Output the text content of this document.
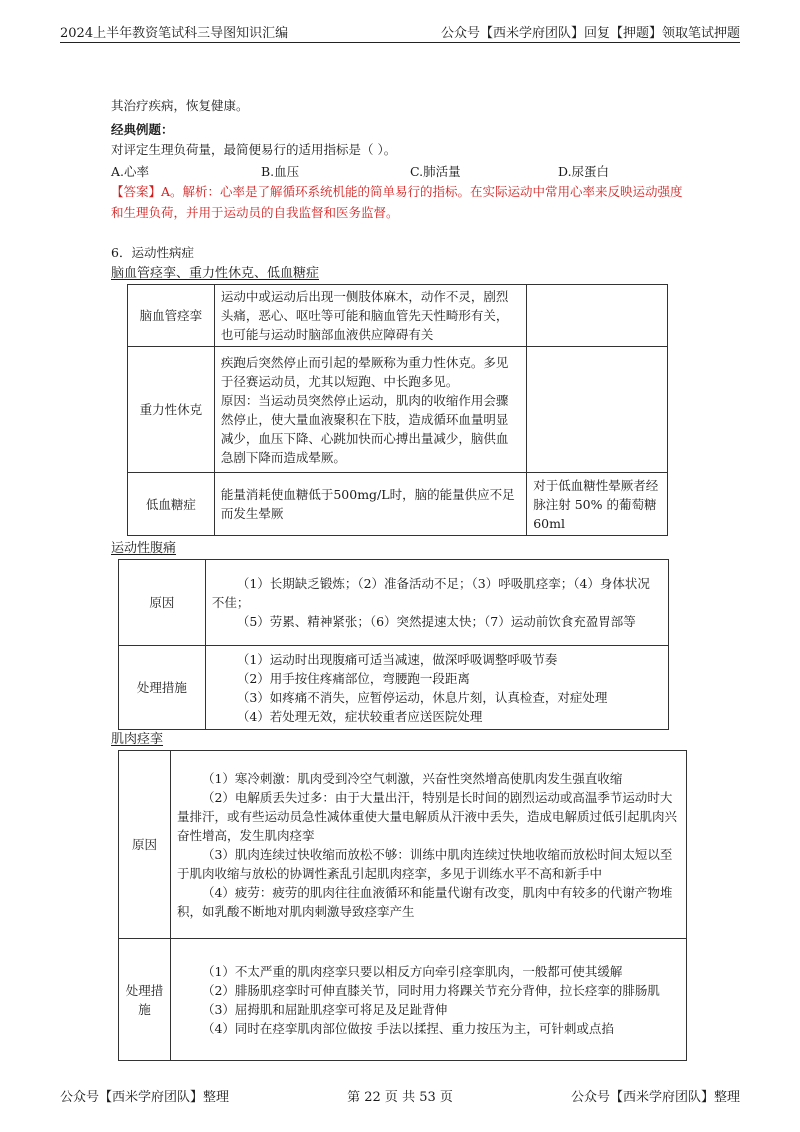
2024上半年教资笔试科三导图知识汇编	公众号【西米学府团队】回复【押题】领取笔试押题
其治疗疾病，恢复健康。
经典例题：
对评定生理负荷量，最简便易行的适用指标是（ ）。
A.心率	B.血压	C.肺活量	D.尿蛋白
【答案】A。解析：心率是了解循环系统机能的简单易行的指标。在实际运动中常用心率来反映运动强度
和生理负荷，并用于运动员的自我监督和医务监督。
6．运动性病症
脑血管痉挛、重力性休克、低血糖症
脑血管痉挛	运动中或运动后出现一侧肢体麻木，动作不灵，剧烈头痛，恶心、呕吐等可能和脑血管先天性畸形有关，也可能与运动时脑部血液供应障碍有关	

重力性休克	疾跑后突然停止而引起的晕厥称为重力性休克。多见于径赛运动员，尤其以短跑、中长跑多见。

原因：当运动员突然停止运动，肌肉的收缩作用会骤然停止，使大量血液聚积在下肢，造成循环血量明显减少，血压下降、心跳加快而心搏出量减少，脑供血急剧下降而造成晕厥。	

低血糖症	能量消耗使血糖低于500mg/L时，脑的能量供应不足而发生晕厥	对于低血糖性晕厥者经脉注射 50% 的葡萄糖 60ml
运动性腹痛
原因	（1）长期缺乏锻炼；（2）准备活动不足；（3）呼吸肌痉挛；（4）身体状况不佳；

（5）劳累、精神紧张；（6）突然提速太快；（7）运动前饮食充盈胃部等

处理措施	（1）运动时出现腹痛可适当减速，做深呼吸调整呼吸节奏

（2）用手按住疼痛部位，弯腰跑一段距离

（3）如疼痛不消失，应暂停运动，休息片刻，认真检查，对症处理

（4）若处理无效，症状较重者应送医院处理

肌肉痉挛
原因	（1）寒冷刺激：肌肉受到冷空气刺激，兴奋性突然增高使肌肉发生强直收缩

（2）电解质丢失过多：由于大量出汗，特别是长时间的剧烈运动或高温季节运动时大量排汗，或有些运动员急性减体重使大量电解质从汗液中丢失，造成电解质过低引起肌肉兴奋性增高，发生肌肉痉挛

（3）肌肉连续过快收缩而放松不够：训练中肌肉连续过快地收缩而放松时间太短以至于肌肉收缩与放松的协调性紊乱引起肌肉痉挛，多见于训练水平不高和新手中

（4）疲劳：疲劳的肌肉往往血液循环和能量代谢有改变，肌肉中有较多的代谢产物堆积，如乳酸不断地对肌肉刺激导致痉挛产生

处理措施	（1）不太严重的肌肉痉挛只要以相反方向牵引痉挛肌肉，一般都可使其缓解

（2）腓肠肌痉挛时可伸直膝关节，同时用力将踝关节充分背伸，拉长痉挛的腓肠肌

（3）屈拇肌和屈趾肌痉挛可将足及足趾背伸

（4）同时在痉挛肌肉部位做按 手法以揉捏、重力按压为主，可针刺或点掐

公众号【西米学府团队】整理	第 22 页 共 53 页	公众号【西米学府团队】整理
